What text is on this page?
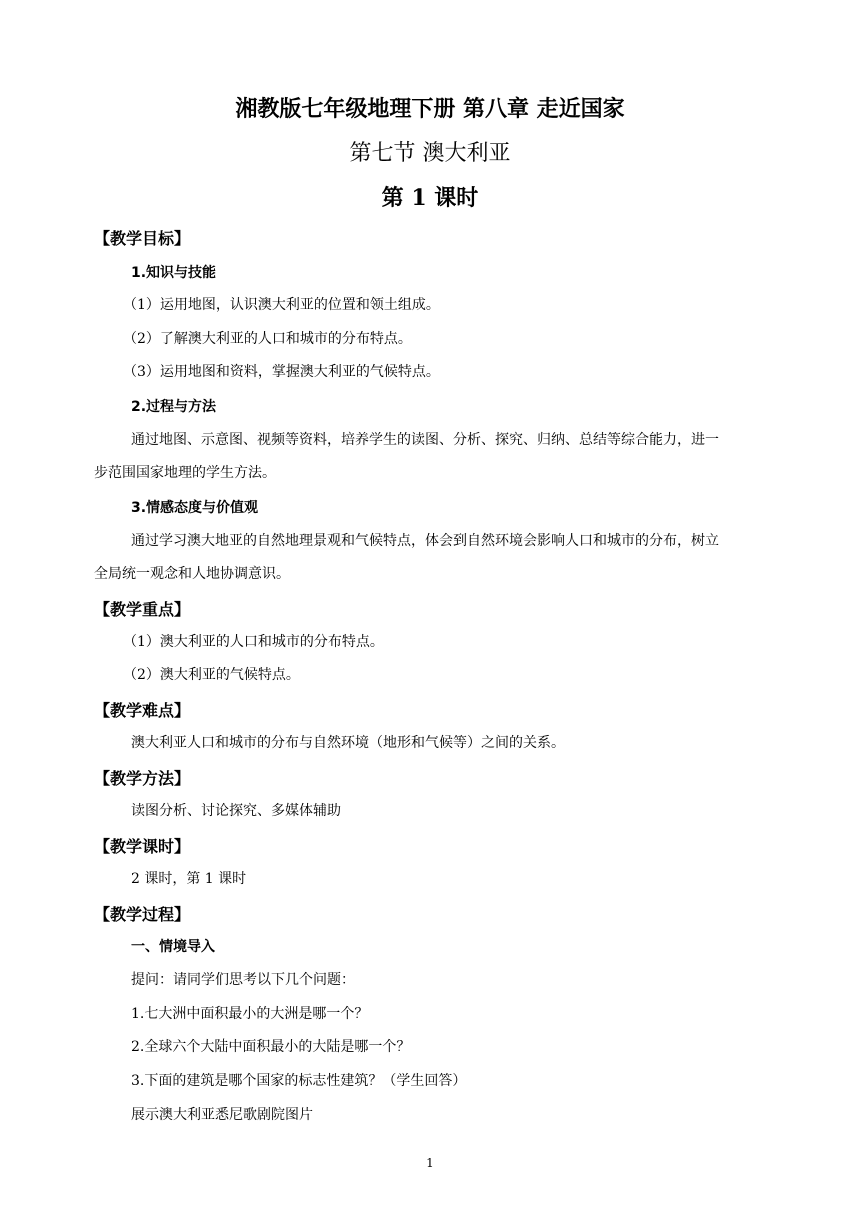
湘教版七年级地理下册 第八章 走近国家
第七节 澳大利亚
第 1 课时
【教学目标】
1.知识与技能
（1）运用地图，认识澳大利亚的位置和领土组成。
（2）了解澳大利亚的人口和城市的分布特点。
（3）运用地图和资料，掌握澳大利亚的气候特点。
2.过程与方法
通过地图、示意图、视频等资料，培养学生的读图、分析、探究、归纳、总结等综合能力，进一
步范围国家地理的学生方法。
3.情感态度与价值观
通过学习澳大地亚的自然地理景观和气候特点，体会到自然环境会影响人口和城市的分布，树立
全局统一观念和人地协调意识。
【教学重点】
（1）澳大利亚的人口和城市的分布特点。
（2）澳大利亚的气候特点。
【教学难点】
澳大利亚人口和城市的分布与自然环境（地形和气候等）之间的关系。
【教学方法】
读图分析、讨论探究、多媒体辅助
【教学课时】
2 课时，第 1 课时
【教学过程】
一、情境导入
提问：请同学们思考以下几个问题：
1.七大洲中面积最小的大洲是哪一个？
2.全球六个大陆中面积最小的大陆是哪一个？
3.下面的建筑是哪个国家的标志性建筑？（学生回答）
展示澳大利亚悉尼歌剧院图片
1
